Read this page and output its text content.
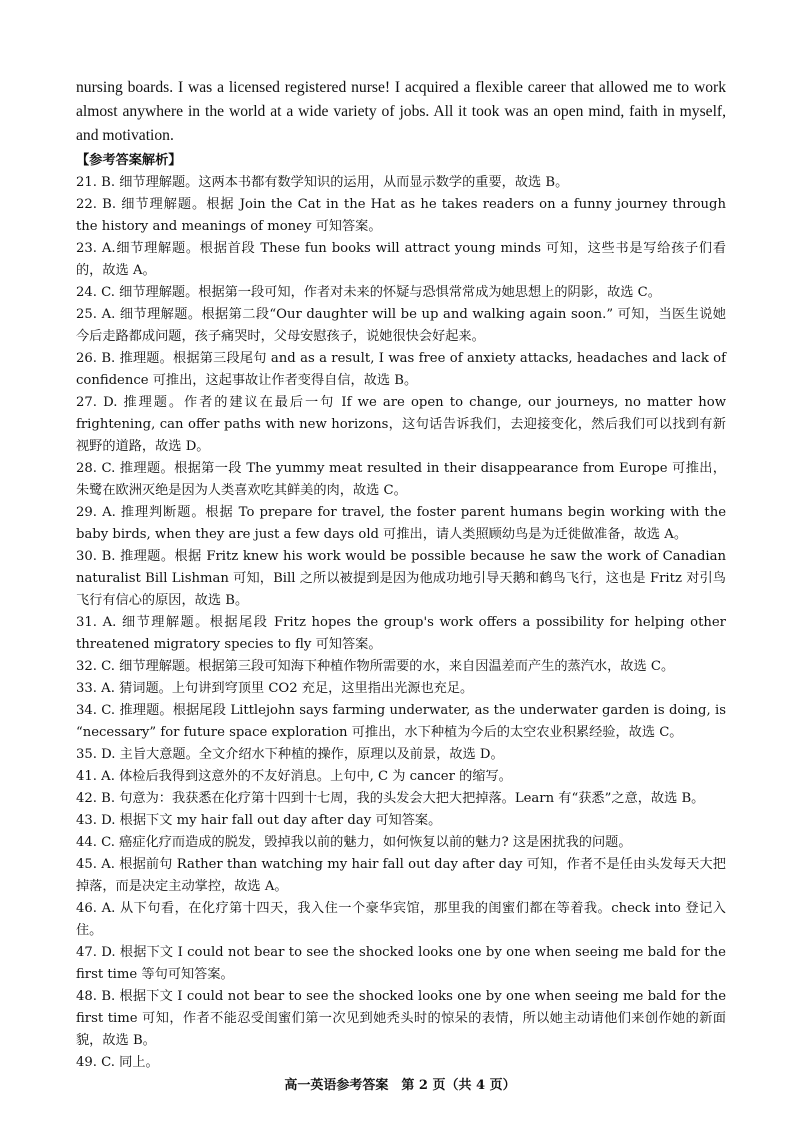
nursing boards. I was a licensed registered nurse! I acquired a flexible career that allowed me to work almost anywhere in the world at a wide variety of jobs. All it took was an open mind, faith in myself, and motivation.

【参考答案解析】

21. B. 细节理解题。这两本书都有数学知识的运用，从而显示数学的重要，故选 B。

22. B. 细节理解题。根据 Join the Cat in the Hat as he takes readers on a funny journey through the history and meanings of money 可知答案。

23. A.细节理解题。根据首段 These fun books will attract young minds 可知，这些书是写给孩子们看的，故选 A。

24. C. 细节理解题。根据第一段可知，作者对未来的怀疑与恐惧常常成为她思想上的阴影，故选 C。

25. A. 细节理解题。根据第二段“Our daughter will be up and walking again soon.” 可知，当医生说她今后走路都成问题，孩子痛哭时，父母安慰孩子，说她很快会好起来。

26. B. 推理题。根据第三段尾句 and as a result, I was free of anxiety attacks, headaches and lack of confidence 可推出，这起事故让作者变得自信，故选 B。

27. D. 推理题。作者的建议在最后一句 If we are open to change, our journeys, no matter how frightening, can offer paths with new horizons，这句话告诉我们，去迎接变化，然后我们可以找到有新视野的道路，故选 D。

28. C. 推理题。根据第一段 The yummy meat resulted in their disappearance from Europe 可推出，朱鹭在欧洲灭绝是因为人类喜欢吃其鲜美的肉，故选 C。

29. A. 推理判断题。根据 To prepare for travel, the foster parent humans begin working with the baby birds, when they are just a few days old 可推出，请人类照顾幼鸟是为迁徙做准备，故选 A。

30. B. 推理题。根据 Fritz knew his work would be possible because he saw the work of Canadian naturalist Bill Lishman 可知，Bill 之所以被提到是因为他成功地引导天鹅和鹤鸟飞行，这也是 Fritz 对引鸟飞行有信心的原因，故选 B。

31. A. 细节理解题。根据尾段 Fritz hopes the group's work offers a possibility for helping other threatened migratory species to fly 可知答案。

32. C. 细节理解题。根据第三段可知海下种植作物所需要的水，来自因温差而产生的蒸汽水，故选 C。

33. A. 猜词题。上句讲到穹顶里 CO2 充足，这里指出光源也充足。

34. C. 推理题。根据尾段 Littlejohn says farming underwater, as the underwater garden is doing, is “necessary” for future space exploration 可推出，水下种植为今后的太空农业积累经验，故选 C。

35. D. 主旨大意题。全文介绍水下种植的操作，原理以及前景，故选 D。

41. A. 体检后我得到这意外的不友好消息。上句中, C 为 cancer 的缩写。

42. B. 句意为：我获悉在化疗第十四到十七周，我的头发会大把大把掉落。Learn 有“获悉”之意，故选 B。

43. D. 根据下文 my hair fall out day after day 可知答案。

44. C. 癌症化疗而造成的脱发，毁掉我以前的魅力，如何恢复以前的魅力? 这是困扰我的问题。

45. A. 根据前句 Rather than watching my hair fall out day after day 可知，作者不是任由头发每天大把掉落，而是决定主动掌控，故选 A。

46. A. 从下句看，在化疗第十四天，我入住一个豪华宾馆，那里我的闺蜜们都在等着我。check into 登记入住。

47. D. 根据下文 I could not bear to see the shocked looks one by one when seeing me bald for the first time 等句可知答案。

48. B. 根据下文 I could not bear to see the shocked looks one by one when seeing me bald for the first time 可知，作者不能忍受闺蜜们第一次见到她秃头时的惊呆的表情，所以她主动请他们来创作她的新面貌，故选 B。

49. C. 同上。

高一英语参考答案　第 2 页（共 4 页）
